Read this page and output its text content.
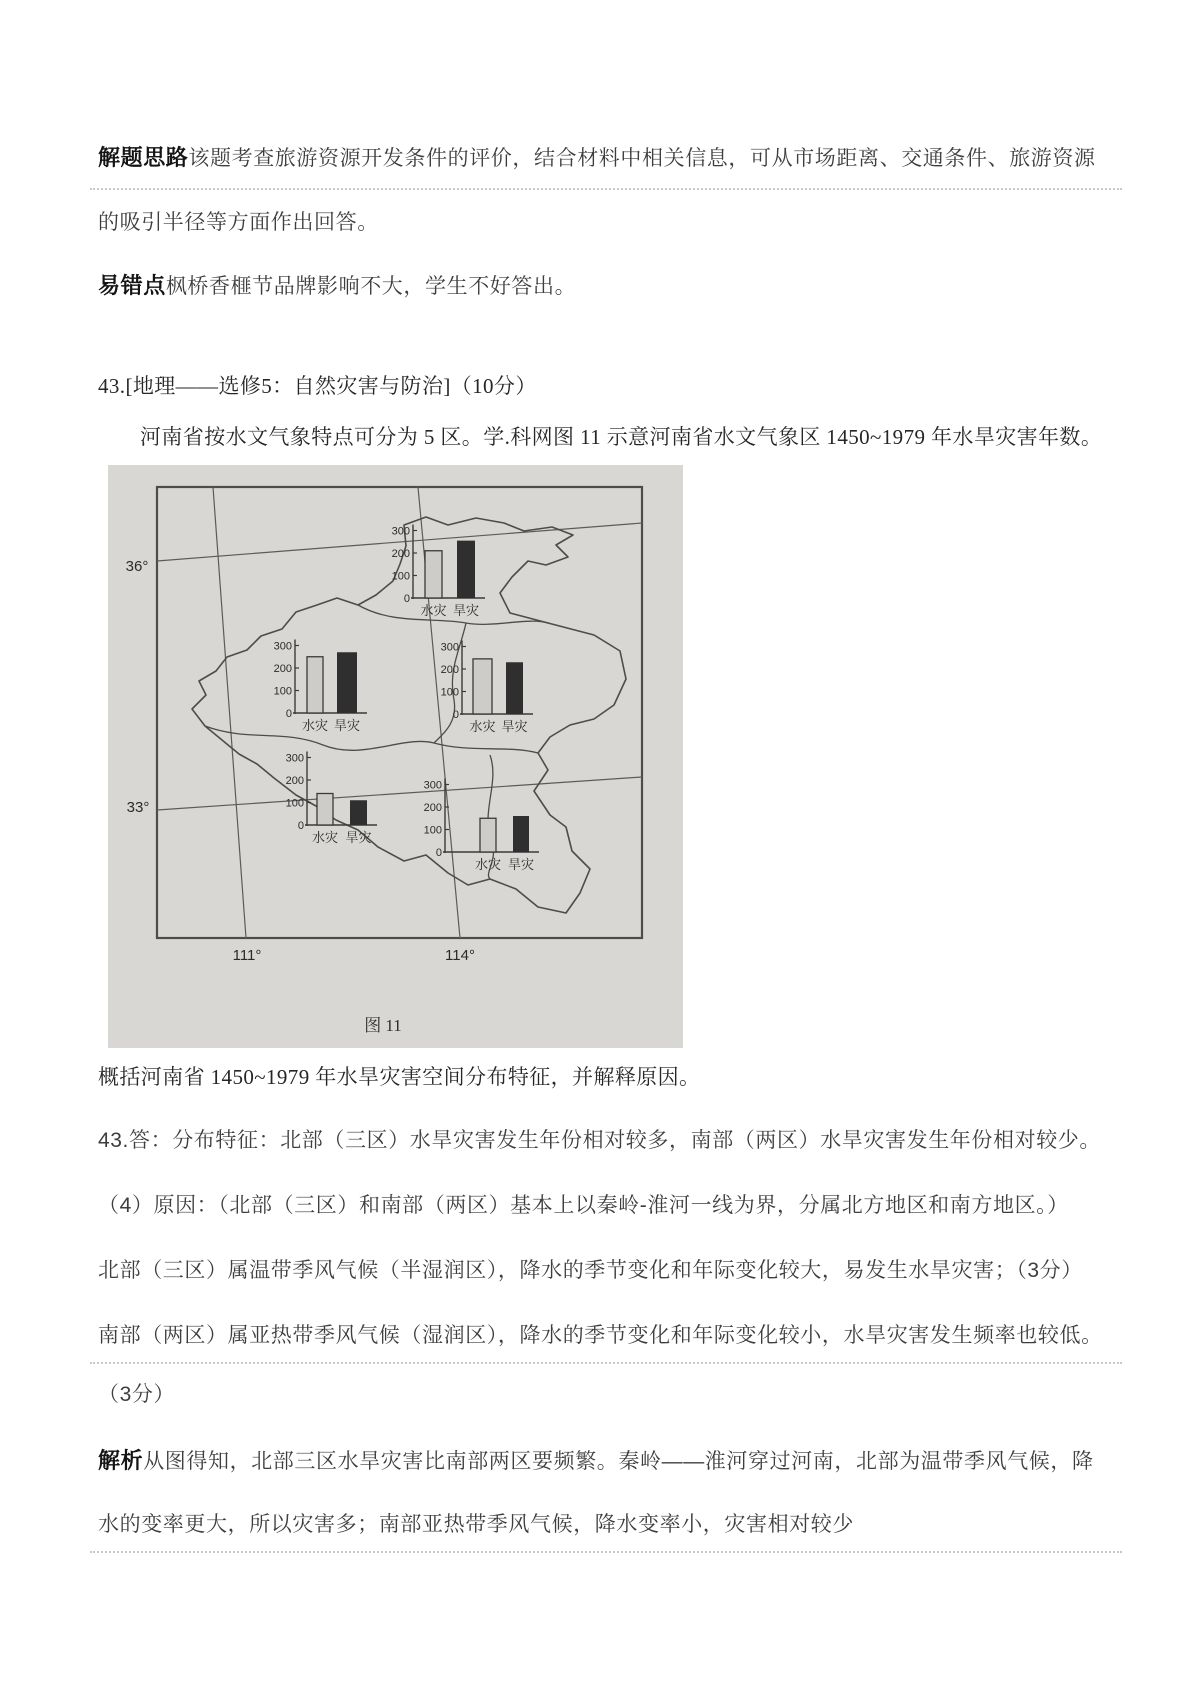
解题思路该题考查旅游资源开发条件的评价，结合材料中相关信息，可从市场距离、交通条件、旅游资源
的吸引半径等方面作出回答。
易错点枫桥香榧节品牌影响不大，学生不好答出。
43.[地理——选修5：自然灾害与防治]（10分）
河南省按水文气象特点可分为 5 区。学.科网图 11 示意河南省水文气象区 1450~1979 年水旱灾害年数。
36°
33°
111°	114°
0
100
200
300
水灾 旱灾
0
100
200
300
水灾 旱灾
0
100
200
300
水灾 旱灾
0
100
200
300
水灾 旱灾
0
100
200
300
水灾 旱灾
图 11
概括河南省 1450~1979 年水旱灾害空间分布特征，并解释原因。
43.答：分布特征：北部（三区）水旱灾害发生年份相对较多，南部（两区）水旱灾害发生年份相对较少。
（4）原因：（北部（三区）和南部（两区）基本上以秦岭-淮河一线为界，分属北方地区和南方地区。）
北部（三区）属温带季风气候（半湿润区），降水的季节变化和年际变化较大，易发生水旱灾害；（3分）
南部（两区）属亚热带季风气候（湿润区），降水的季节变化和年际变化较小，水旱灾害发生频率也较低。
（3分）
解析从图得知，北部三区水旱灾害比南部两区要频繁。秦岭——淮河穿过河南，北部为温带季风气候，降
水的变率更大，所以灾害多；南部亚热带季风气候，降水变率小，灾害相对较少
